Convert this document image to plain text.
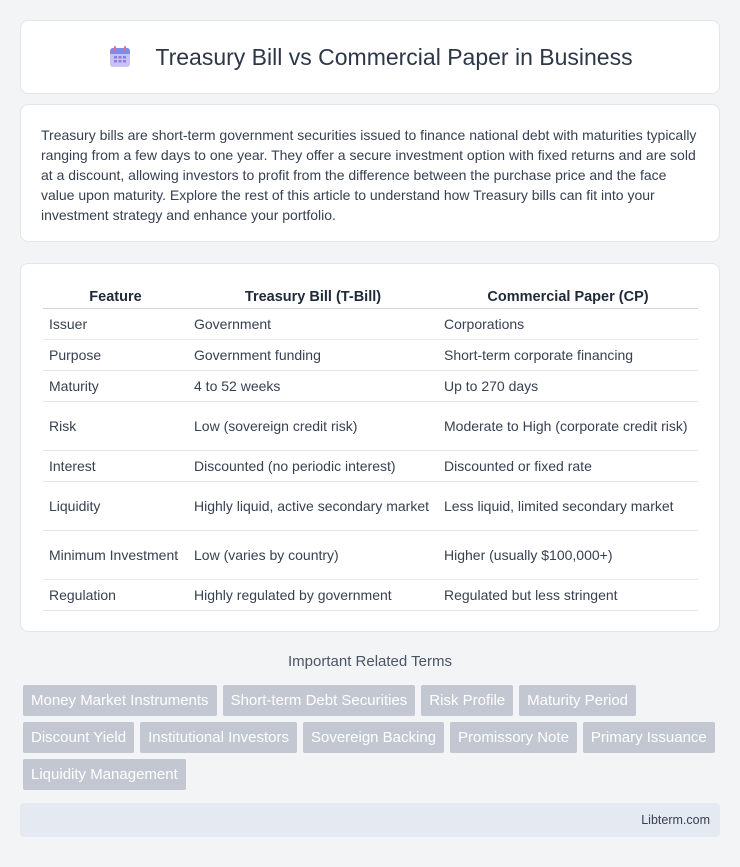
Treasury Bill vs Commercial Paper in Business

Treasury bills are short-term government securities issued to finance national debt with maturities typically ranging from a few days to one year. They offer a secure investment option with fixed returns and are sold at a discount, allowing investors to profit from the difference between the purchase price and the face value upon maturity. Explore the rest of this article to understand how Treasury bills can fit into your investment strategy and enhance your portfolio.

Feature	Treasury Bill (T-Bill)	Commercial Paper (CP)
Issuer	Government	Corporations
Purpose	Government funding	Short-term corporate financing
Maturity	4 to 52 weeks	Up to 270 days
Risk	Low (sovereign credit risk)	Moderate to High (corporate credit risk)
Interest	Discounted (no periodic interest)	Discounted or fixed rate
Liquidity	Highly liquid, active secondary market	Less liquid, limited secondary market
Minimum Investment	Low (varies by country)	Higher (usually $100,000+)
Regulation	Highly regulated by government	Regulated but less stringent
Important Related Terms
Money Market Instruments	Short-term Debt Securities	Risk Profile	Maturity Period
Discount Yield	Institutional Investors	Sovereign Backing	Promissory Note	Primary Issuance
Liquidity Management
Libterm.com
